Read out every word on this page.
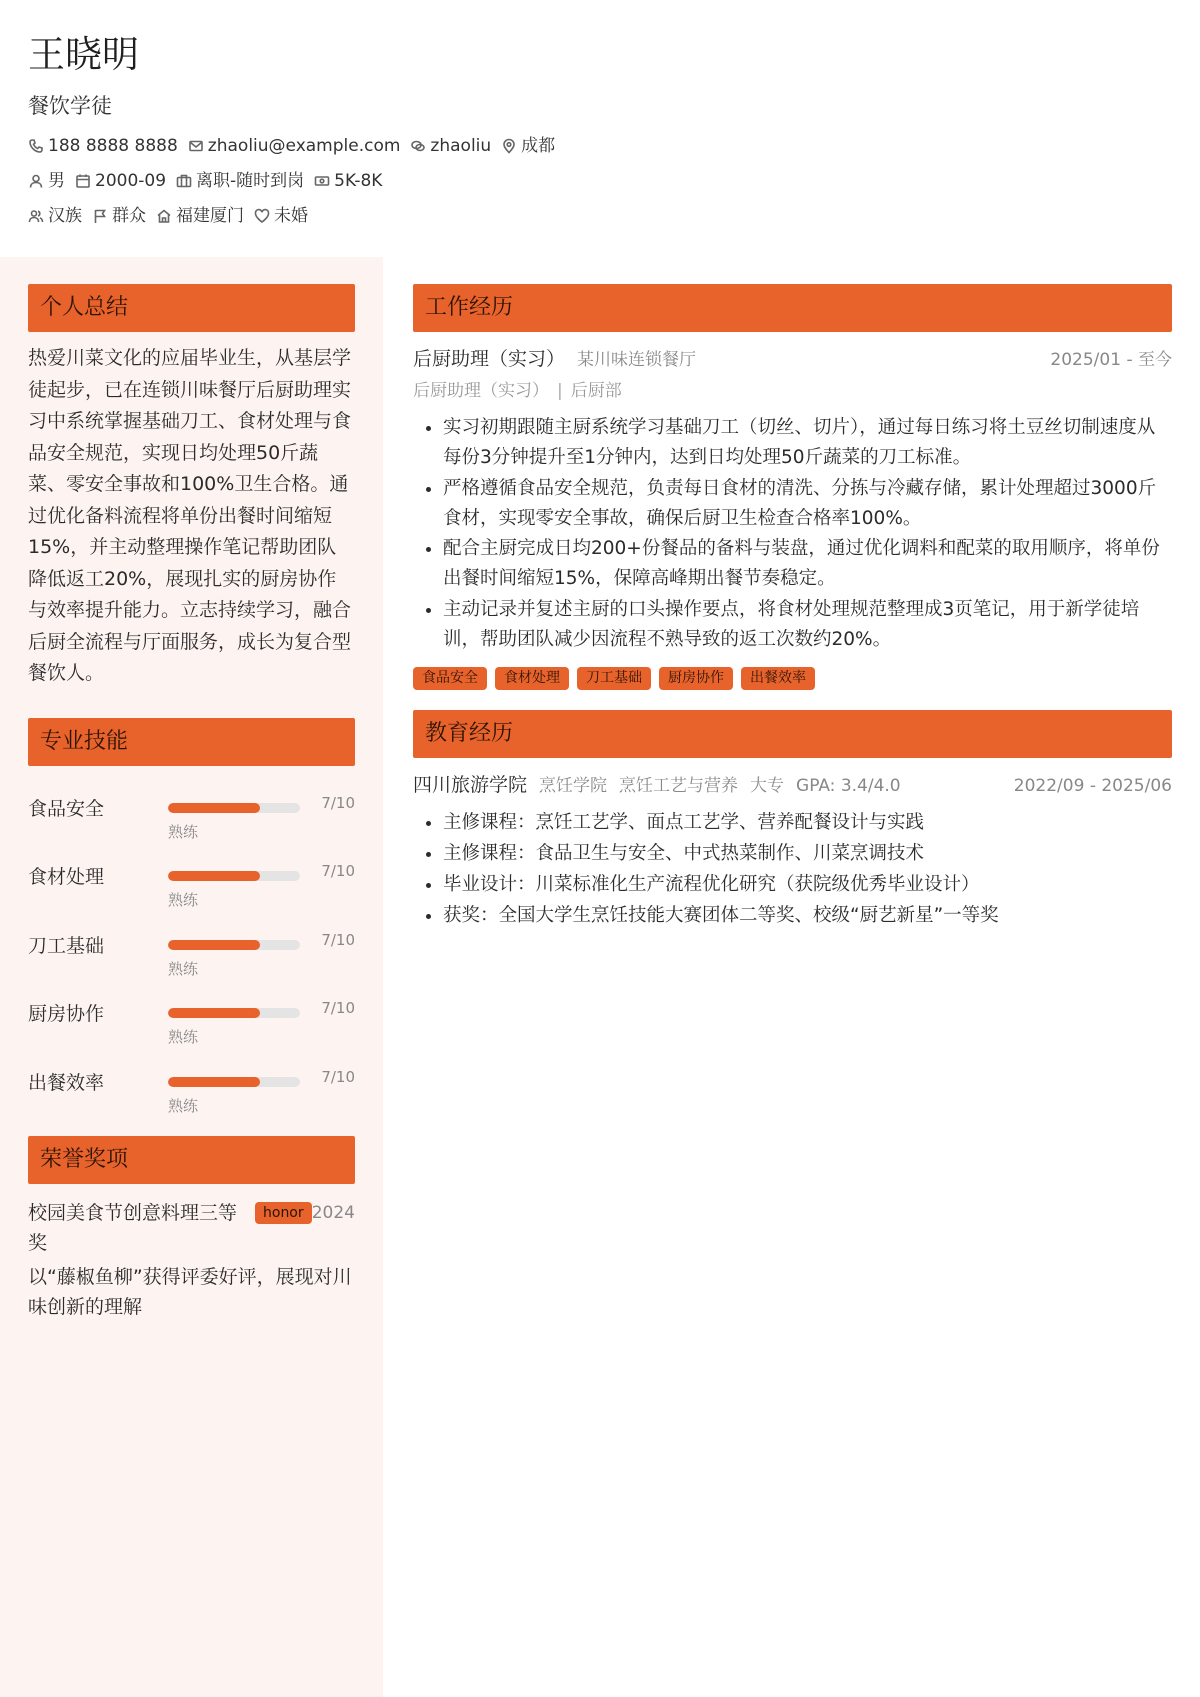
王晓明
餐饮学徒
188 8888 8888 zhaoliu@example.com zhaoliu 成都
男 2000-09 离职-随时到岗 5K-8K
汉族 群众 福建厦门 未婚
个人总结
热爱川菜文化的应届毕业生，从基层学徒起步，已在连锁川味餐厅后厨助理实习中系统掌握基础刀工、食材处理与食品安全规范，实现日均处理50斤蔬菜、零安全事故和100%卫生合格。通过优化备料流程将单份出餐时间缩短15%，并主动整理操作笔记帮助团队降低返工20%，展现扎实的厨房协作与效率提升能力。立志持续学习，融合后厨全流程与厅面服务，成长为复合型餐饮人。
专业技能
食品安全	7/10
熟练
食材处理	7/10
熟练
刀工基础	7/10
熟练
厨房协作	7/10
熟练
出餐效率	7/10
熟练
荣誉奖项
校园美食节创意料理三等奖
honor 2024
以“藤椒鱼柳”获得评委好评，展现对川味创新的理解
工作经历
后厨助理（实习） 某川味连锁餐厅	2025/01 - 至今
后厨助理（实习） | 后厨部
• 实习初期跟随主厨系统学习基础刀工（切丝、切片），通过每日练习将土豆丝切制速度从每份3分钟提升至1分钟内，达到日均处理50斤蔬菜的刀工标准。
• 严格遵循食品安全规范，负责每日食材的清洗、分拣与冷藏存储，累计处理超过3000斤食材，实现零安全事故，确保后厨卫生检查合格率100%。
• 配合主厨完成日均200+份餐品的备料与装盘，通过优化调料和配菜的取用顺序，将单份出餐时间缩短15%，保障高峰期出餐节奏稳定。
• 主动记录并复述主厨的口头操作要点，将食材处理规范整理成3页笔记，用于新学徒培训，帮助团队减少因流程不熟导致的返工次数约20%。
食品安全	食材处理	刀工基础	厨房协作	出餐效率
教育经历
四川旅游学院 烹饪学院 烹饪工艺与营养 大专 GPA: 3.4/4.0	2022/09 - 2025/06
• 主修课程：烹饪工艺学、面点工艺学、营养配餐设计与实践
• 主修课程：食品卫生与安全、中式热菜制作、川菜烹调技术
• 毕业设计：川菜标准化生产流程优化研究（获院级优秀毕业设计）
• 获奖：全国大学生烹饪技能大赛团体二等奖、校级“厨艺新星”一等奖
